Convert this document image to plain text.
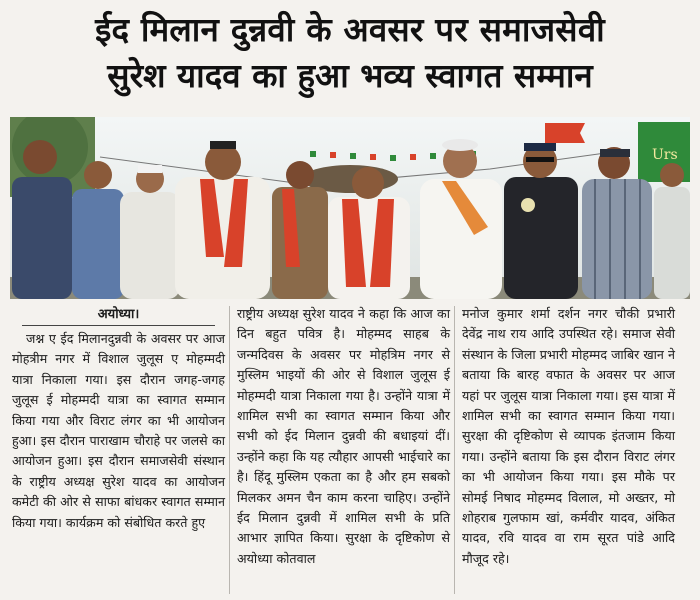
ईद मिलान दुन्नवी के अवसर पर समाजसेवी
सुरेश यादव का हुआ भव्य स्वागत सम्मान
Urs
अयोध्या।

जश्न ए ईद मिलानदुन्नवी के अवसर पर आज मोहत्रीम नगर में विशाल जुलूस ए मोहम्मदी यात्रा निकाला गया। इस दौरान जगह-जगह जुलूस ई मोहम्मदी यात्रा का स्वागत सम्मान किया गया और विराट लंगर का भी आयोजन हुआ। इस दौरान पाराखाम चौराहे पर जलसे का आयोजन हुआ। इस दौरान समाजसेवी संस्थान के राष्ट्रीय अध्यक्ष सुरेश यादव का आयोजन कमेटी की ओर से साफा बांधकर स्वागत सम्मान किया गया। कार्यक्रम को संबोधित करते हुए

राष्ट्रीय अध्यक्ष सुरेश यादव ने कहा कि आज का दिन बहुत पवित्र है। मोहम्मद साहब के जन्मदिवस के अवसर पर मोहत्रिम नगर से मुस्लिम भाइयों की ओर से विशाल जुलूस ई मोहम्मदी यात्रा निकाला गया है। उन्होंने यात्रा में शामिल सभी का स्वागत सम्मान किया और सभी को ईद मिलान दुन्नवी की बधाइयां दीं। उन्होंने कहा कि यह त्यौहार आपसी भाईचारे का है। हिंदू मुस्लिम एकता का है और हम सबको मिलकर अमन चैन काम करना चाहिए। उन्होंने ईद मिलान दुन्नवी में शामिल सभी के प्रति आभार ज्ञापित किया। सुरक्षा के दृष्टिकोण से अयोध्या कोतवाल

मनोज कुमार शर्मा दर्शन नगर चौकी प्रभारी देवेंद्र नाथ राय आदि उपस्थित रहे। समाज सेवी संस्थान के जिला प्रभारी मोहम्मद जाबिर खान ने बताया कि बारह वफात के अवसर पर आज यहां पर जुलूस यात्रा निकाला गया। इस यात्रा में शामिल सभी का स्वागत सम्मान किया गया। सुरक्षा की दृष्टिकोण से व्यापक इंतजाम किया गया। उन्होंने बताया कि इस दौरान विराट लंगर का भी आयोजन किया गया। इस मौके पर सोमई निषाद मोहम्मद विलाल, मो अख्तर, मो शोहराब गुलफाम खां, कर्मवीर यादव, अंकित यादव, रवि यादव वा राम सूरत पांडे आदि मौजूद रहे।
